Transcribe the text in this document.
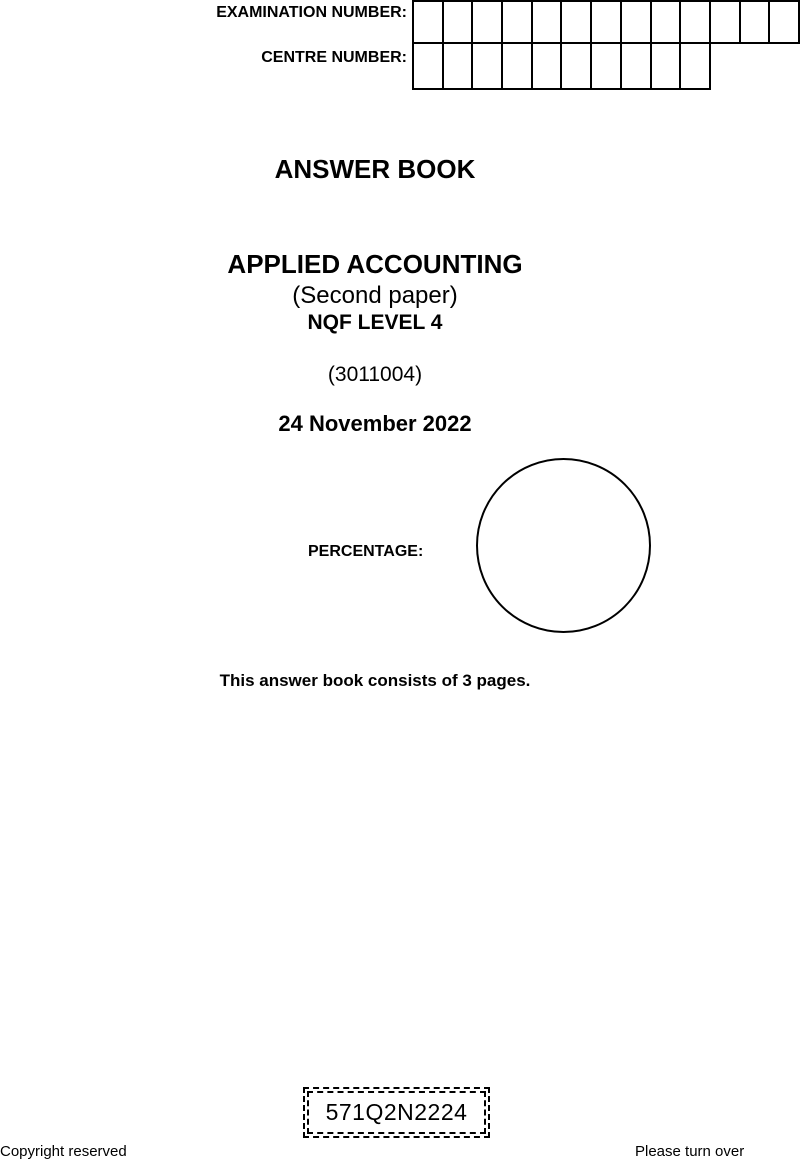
EXAMINATION NUMBER:
CENTRE NUMBER:
ANSWER BOOK
APPLIED ACCOUNTING
(Second paper)
NQF LEVEL 4
(3011004)
24 November 2022
PERCENTAGE:
This answer book consists of 3 pages.
571Q2N2224
Copyright reserved	Please turn over
